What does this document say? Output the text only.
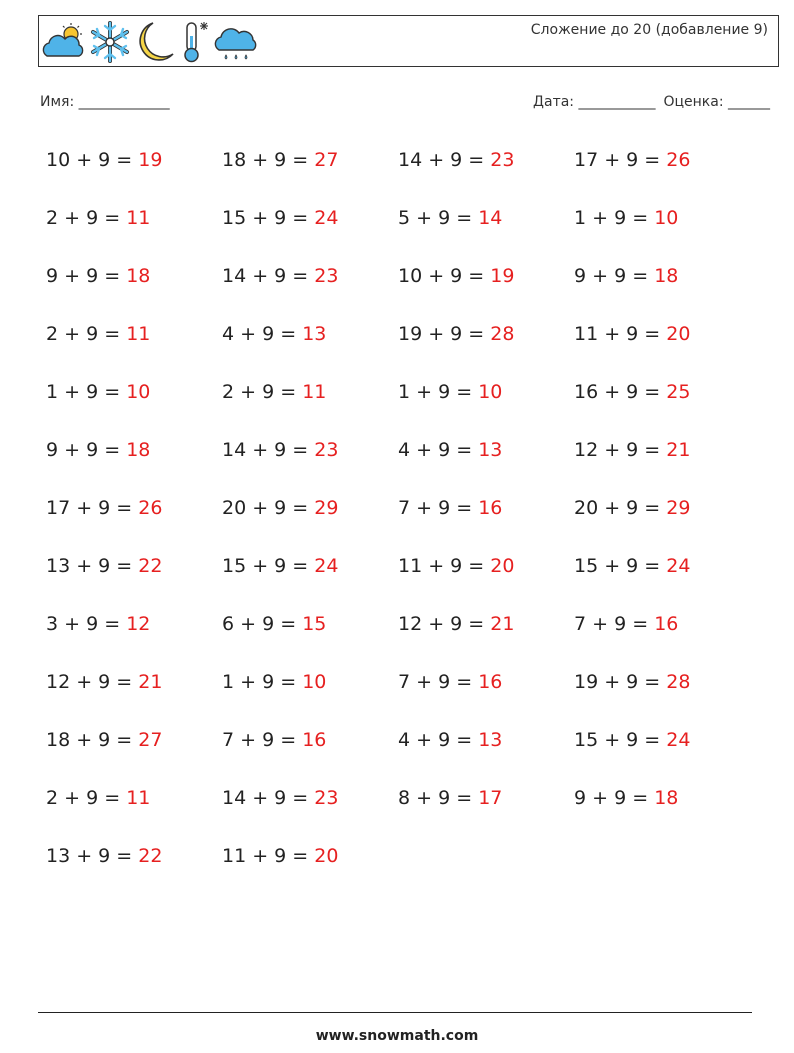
Сложение до 20 (добавление 9)
Имя: _____________	Дата: ___________ Оценка: ______
10 + 9 = 19	18 + 9 = 27	14 + 9 = 23	17 + 9 = 26
2 + 9 = 11	15 + 9 = 24	5 + 9 = 14	1 + 9 = 10
9 + 9 = 18	14 + 9 = 23	10 + 9 = 19	9 + 9 = 18
2 + 9 = 11	4 + 9 = 13	19 + 9 = 28	11 + 9 = 20
1 + 9 = 10	2 + 9 = 11	1 + 9 = 10	16 + 9 = 25
9 + 9 = 18	14 + 9 = 23	4 + 9 = 13	12 + 9 = 21
17 + 9 = 26	20 + 9 = 29	7 + 9 = 16	20 + 9 = 29
13 + 9 = 22	15 + 9 = 24	11 + 9 = 20	15 + 9 = 24
3 + 9 = 12	6 + 9 = 15	12 + 9 = 21	7 + 9 = 16
12 + 9 = 21	1 + 9 = 10	7 + 9 = 16	19 + 9 = 28
18 + 9 = 27	7 + 9 = 16	4 + 9 = 13	15 + 9 = 24
2 + 9 = 11	14 + 9 = 23	8 + 9 = 17	9 + 9 = 18
13 + 9 = 22	11 + 9 = 20
www.snowmath.com
